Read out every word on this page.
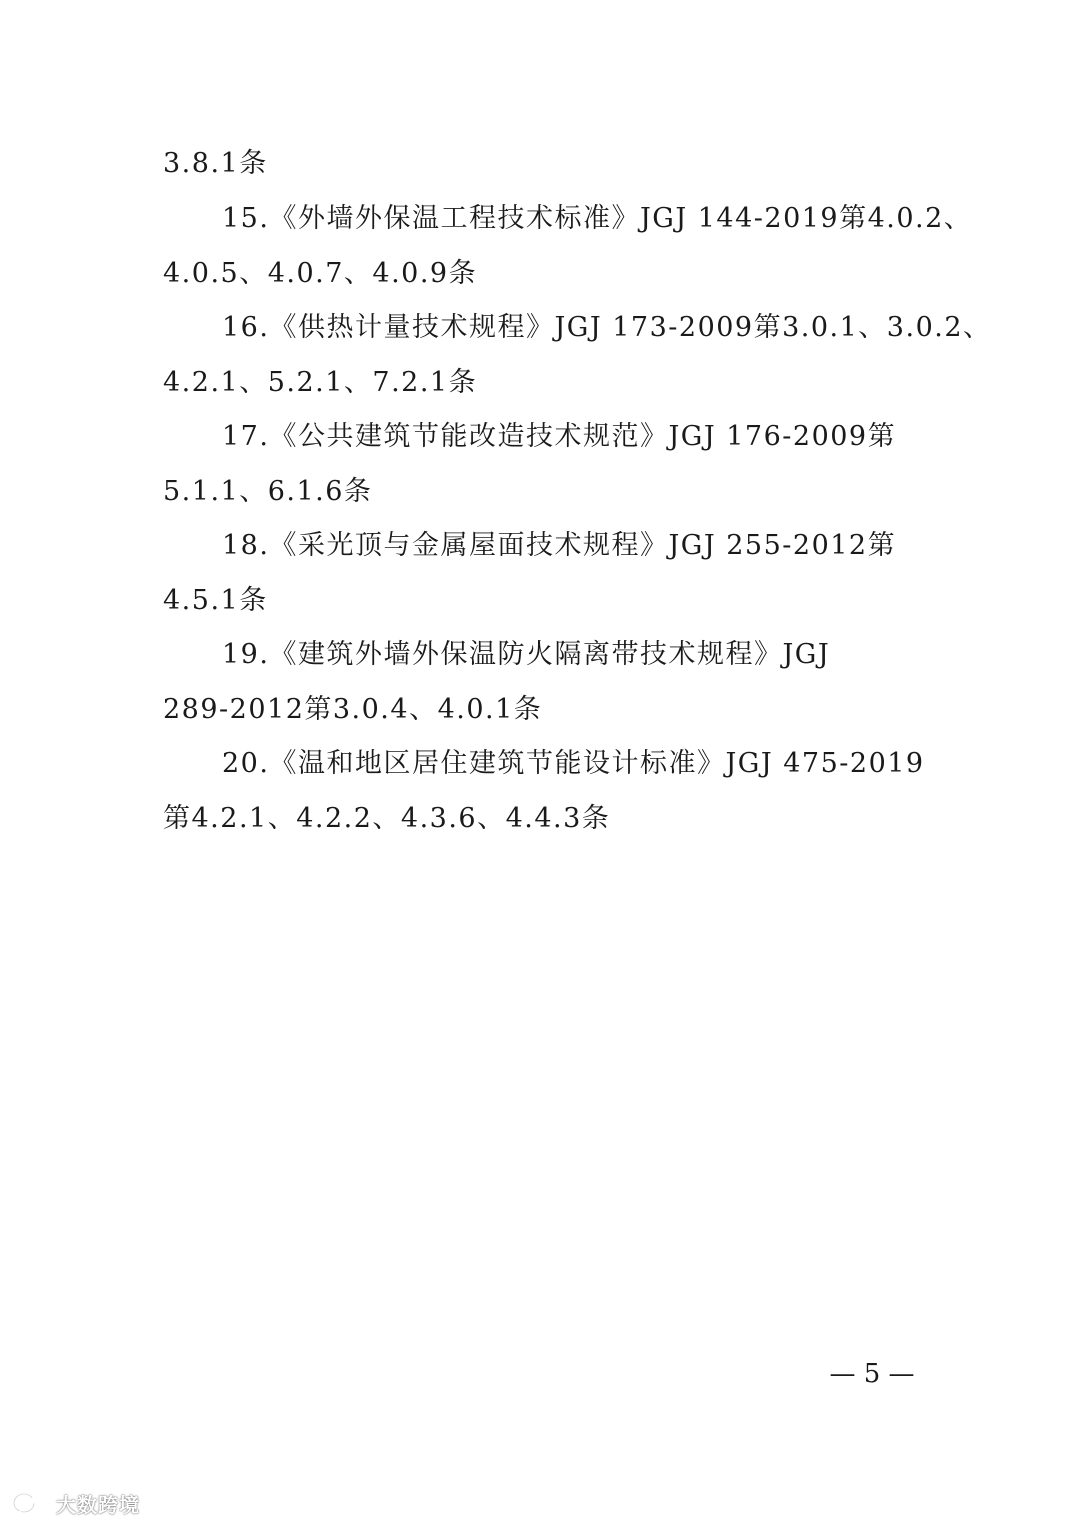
3.8.1条
15.《外墙外保温工程技术标准》JGJ 144-2019第4.0.2、
4.0.5、4.0.7、4.0.9条
16.《供热计量技术规程》JGJ 173-2009第3.0.1、3.0.2、
4.2.1、5.2.1、7.2.1条
17.《公共建筑节能改造技术规范》JGJ 176-2009第
5.1.1、6.1.6条
18.《采光顶与金属屋面技术规程》JGJ 255-2012第
4.5.1条
19.《建筑外墙外保温防火隔离带技术规程》JGJ
289-2012第3.0.4、4.0.1条
20.《温和地区居住建筑节能设计标准》JGJ 475-2019
第4.2.1、4.2.2、4.3.6、4.4.3条
— 5 —
大数跨境
